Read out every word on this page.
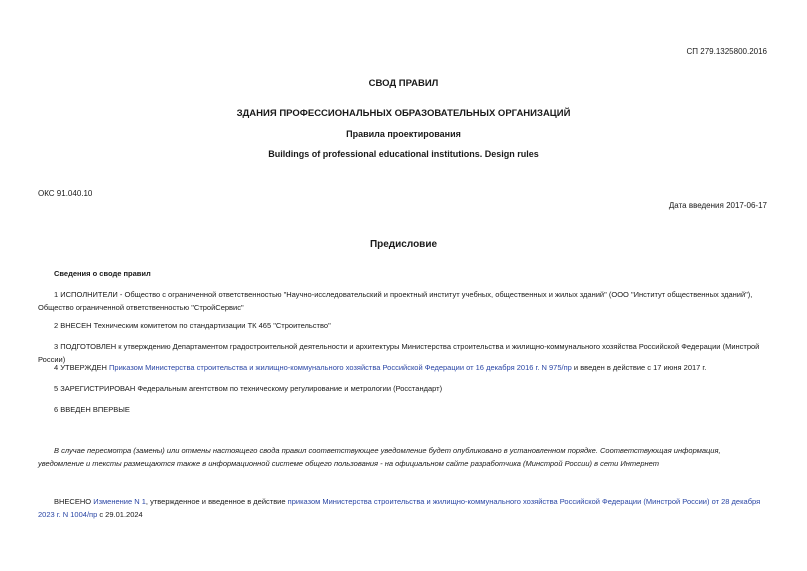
СП 279.1325800.2016
СВОД ПРАВИЛ
ЗДАНИЯ ПРОФЕССИОНАЛЬНЫХ ОБРАЗОВАТЕЛЬНЫХ ОРГАНИЗАЦИЙ
Правила проектирования
Buildings of professional educational institutions. Design rules
ОКС 91.040.10
Дата введения 2017-06-17
Предисловие
Сведения о своде правил
1 ИСПОЛНИТЕЛИ - Общество с ограниченной ответственностью "Научно-исследовательский и проектный институт учебных, общественных и жилых зданий" (ООО "Институт общественных зданий"), Общество ограниченной ответственностью "СтройСервис"
2 ВНЕСЕН Техническим комитетом по стандартизации ТК 465 "Строительство"
3 ПОДГОТОВЛЕН к утверждению Департаментом градостроительной деятельности и архитектуры Министерства строительства и жилищно-коммунального хозяйства Российской Федерации (Минстрой России)
4 УТВЕРЖДЕН Приказом Министерства строительства и жилищно-коммунального хозяйства Российской Федерации от 16 декабря 2016 г. N 975/пр и введен в действие с 17 июня 2017 г.
5 ЗАРЕГИСТРИРОВАН Федеральным агентством по техническому регулирование и метрологии (Росстандарт)
6 ВВЕДЕН ВПЕРВЫЕ
В случае пересмотра (замены) или отмены настоящего свода правил соответствующее уведомление будет опубликовано в установленном порядке. Соответствующая информация, уведомление и тексты размещаются также в информационной системе общего пользования - на официальном сайте разработчика (Минстрой России) в сети Интернет
ВНЕСЕНО Изменение N 1, утвержденное и введенное в действие приказом Министерства строительства и жилищно-коммунального хозяйства Российской Федерации (Минстрой России) от 28 декабря 2023 г. N 1004/пр с 29.01.2024
